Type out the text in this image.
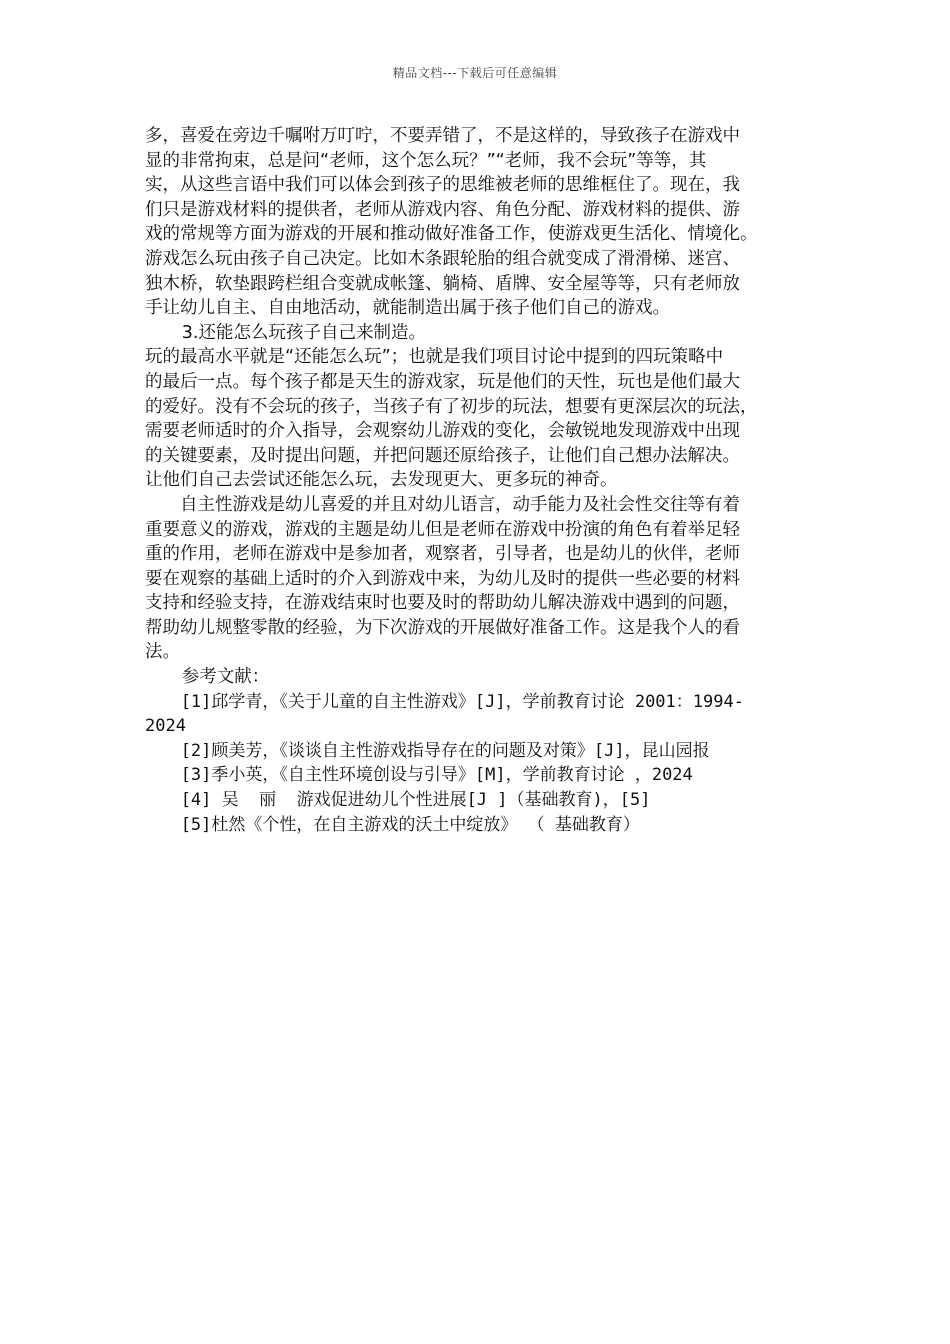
精品文档---下载后可任意编辑

多，喜爱在旁边千嘱咐万叮咛，不要弄错了，不是这样的，导致孩子在游戏中

显的非常拘束，总是问“老师，这个怎么玩？”“老师，我不会玩”等等，其

实，从这些言语中我们可以体会到孩子的思维被老师的思维框住了。现在，我

们只是游戏材料的提供者，老师从游戏内容、角色分配、游戏材料的提供、游

戏的常规等方面为游戏的开展和推动做好准备工作，使游戏更生活化、情境化。

游戏怎么玩由孩子自己决定。比如木条跟轮胎的组合就变成了滑滑梯、迷宫、

独木桥，软垫跟跨栏组合变就成帐篷、躺椅、盾牌、安全屋等等，只有老师放

手让幼儿自主、自由地活动，就能制造出属于孩子他们自己的游戏。

3.还能怎么玩孩子自己来制造。

玩的最高水平就是“还能怎么玩”；也就是我们项目讨论中提到的四玩策略中

的最后一点。每个孩子都是天生的游戏家，玩是他们的天性，玩也是他们最大

的爱好。没有不会玩的孩子，当孩子有了初步的玩法，想要有更深层次的玩法，

需要老师适时的介入指导，会观察幼儿游戏的变化，会敏锐地发现游戏中出现

的关键要素，及时提出问题，并把问题还原给孩子，让他们自己想办法解决。

让他们自己去尝试还能怎么玩，去发现更大、更多玩的神奇。

自主性游戏是幼儿喜爱的并且对幼儿语言，动手能力及社会性交往等有着

重要意义的游戏，游戏的主题是幼儿但是老师在游戏中扮演的角色有着举足轻

重的作用，老师在游戏中是参加者，观察者，引导者，也是幼儿的伙伴，老师

要在观察的基础上适时的介入到游戏中来，为幼儿及时的提供一些必要的材料

支持和经验支持，在游戏结束时也要及时的帮助幼儿解决游戏中遇到的问题，

帮助幼儿规整零散的经验，为下次游戏的开展做好准备工作。这是我个人的看

法。

参考文献：

[1]邱学青，《关于儿童的自主性游戏》[J]，学前教育讨论 2001：1994-

2024

[2]顾美芳，《谈谈自主性游戏指导存在的问题及对策》[J]，昆山园报

[3]季小英，《自主性环境创设与引导》[M]，学前教育讨论 ，2024

[4] 吴  丽  游戏促进幼儿个性进展[J ]（基础教育)，[5]

[5]杜然《个性，在自主游戏的沃土中绽放》 （ 基础教育）
